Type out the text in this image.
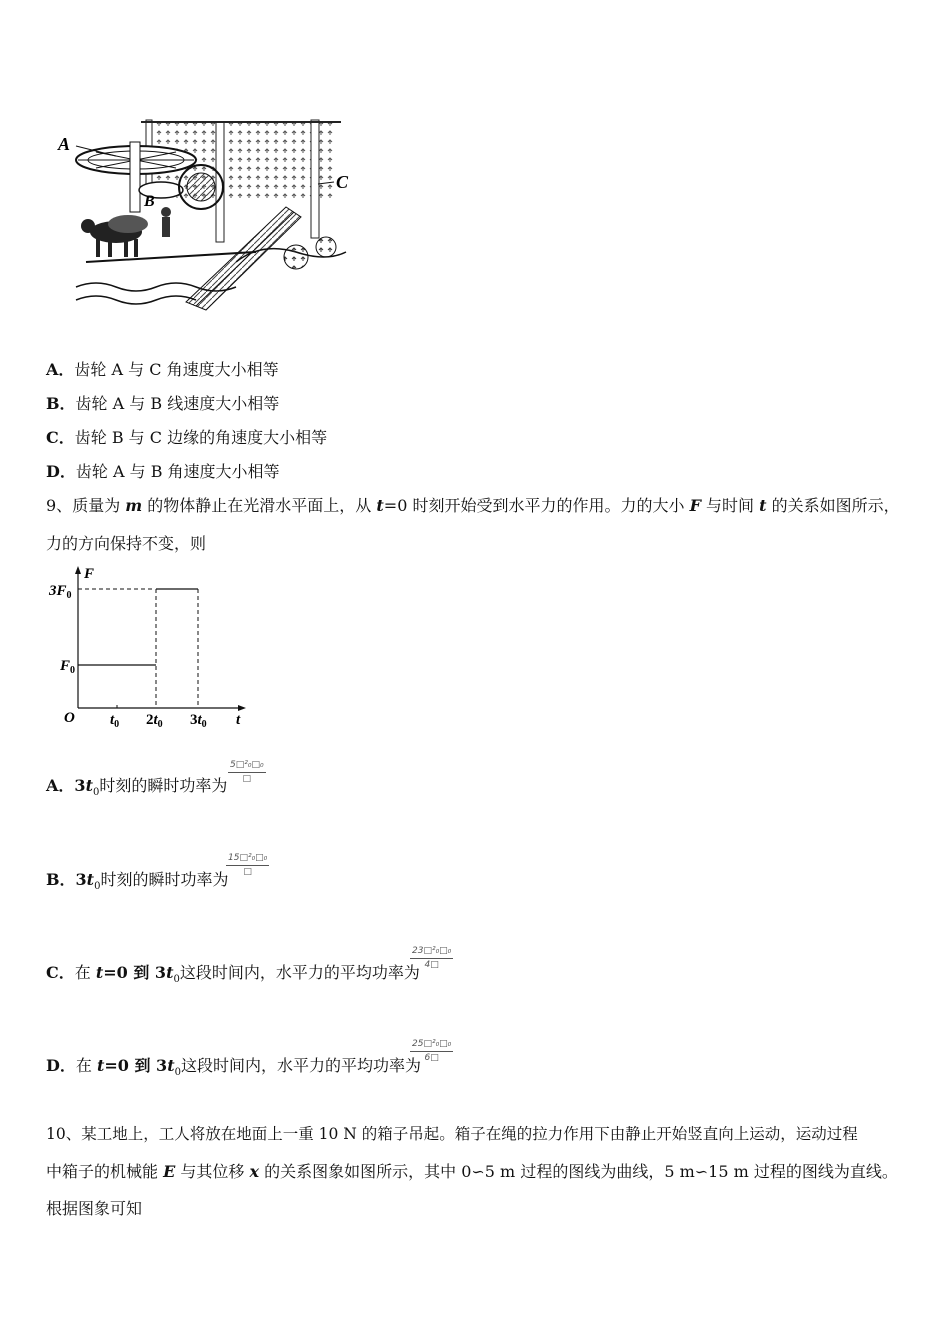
A
B
C
A．齿轮 A 与 C 角速度大小相等
B．齿轮 A 与 B 线速度大小相等
C．齿轮 B 与 C 边缘的角速度大小相等
D．齿轮 A 与 B 角速度大小相等
9、质量为 m 的物体静止在光滑水平面上，从 t=0 时刻开始受到水平力的作用。力的大小 F 与时间 t 的关系如图所示，
力的方向保持不变，则
F
t
O
$3F_0$
$F_0$
$t_0$ $2t_0$ $3t_0$
A．$3t_0$时刻的瞬时功率为
5□²₀□₀
□
B．$3t_0$时刻的瞬时功率为
15□²₀□₀
□
C．在 t=0 到 $3t_0$这段时间内，水平力的平均功率为
$\frac{\text{23□²₀□₀}}{4□}$
D．在 t=0 到 $3t_0$这段时间内，水平力的平均功率为
$\frac{\text{25□²₀□₀}}{6□}$
10、某工地上，工人将放在地面上一重 10 N 的箱子吊起。箱子在绳的拉力作用下由静止开始竖直向上运动，运动过程
中箱子的机械能 E 与其位移 x 的关系图象如图所示，其中 0∽5 m 过程的图线为曲线，5 m∽15 m 过程的图线为直线。
根据图象可知
